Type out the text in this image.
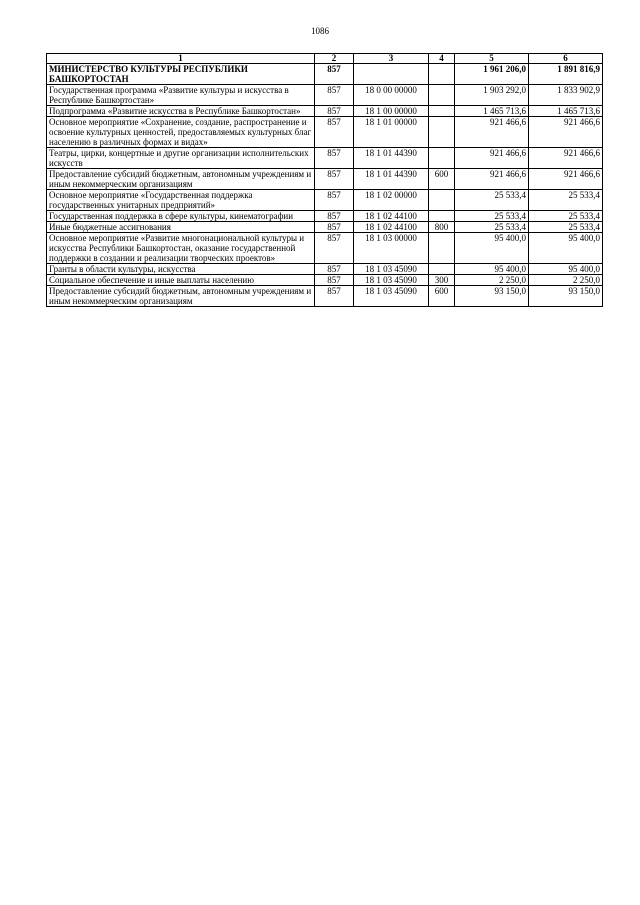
1086
1	2	3	4	5	6
МИНИСТЕРСТВО КУЛЬТУРЫ РЕСПУБЛИКИ БАШКОРТОСТАН	857			1 961 206,0	1 891 816,9
Государственная программа «Развитие культуры и искусства в Республике Башкортостан»	857	18 0 00 00000		1 903 292,0	1 833 902,9
Подпрограмма «Развитие искусства в Республике Башкортостан»	857	18 1 00 00000		1 465 713,6	1 465 713,6
Основное мероприятие «Сохранение, создание, распространение и освоение культурных ценностей, предоставляемых культурных благ населению в различных формах и видах»	857	18 1 01 00000		921 466,6	921 466,6
Театры, цирки, концертные и другие организации исполнительских искусств	857	18 1 01 44390		921 466,6	921 466,6
Предоставление субсидий бюджетным, автономным учреждениям и иным некоммерческим организациям	857	18 1 01 44390	600	921 466,6	921 466,6
Основное мероприятие «Государственная поддержка государственных унитарных предприятий»	857	18 1 02 00000		25 533,4	25 533,4
Государственная поддержка в сфере культуры, кинематографии	857	18 1 02 44100		25 533,4	25 533,4
Иные бюджетные ассигнования	857	18 1 02 44100	800	25 533,4	25 533,4
Основное мероприятие «Развитие многонациональной культуры и искусства Республики Башкортостан, оказание государственной поддержки в создании и реализации творческих проектов»	857	18 1 03 00000		95 400,0	95 400,0
Гранты в области культуры, искусства	857	18 1 03 45090		95 400,0	95 400,0
Социальное обеспечение и иные выплаты населению	857	18 1 03 45090	300	2 250,0	2 250,0
Предоставление субсидий бюджетным, автономным учреждениям и иным некоммерческим организациям	857	18 1 03 45090	600	93 150,0	93 150,0
